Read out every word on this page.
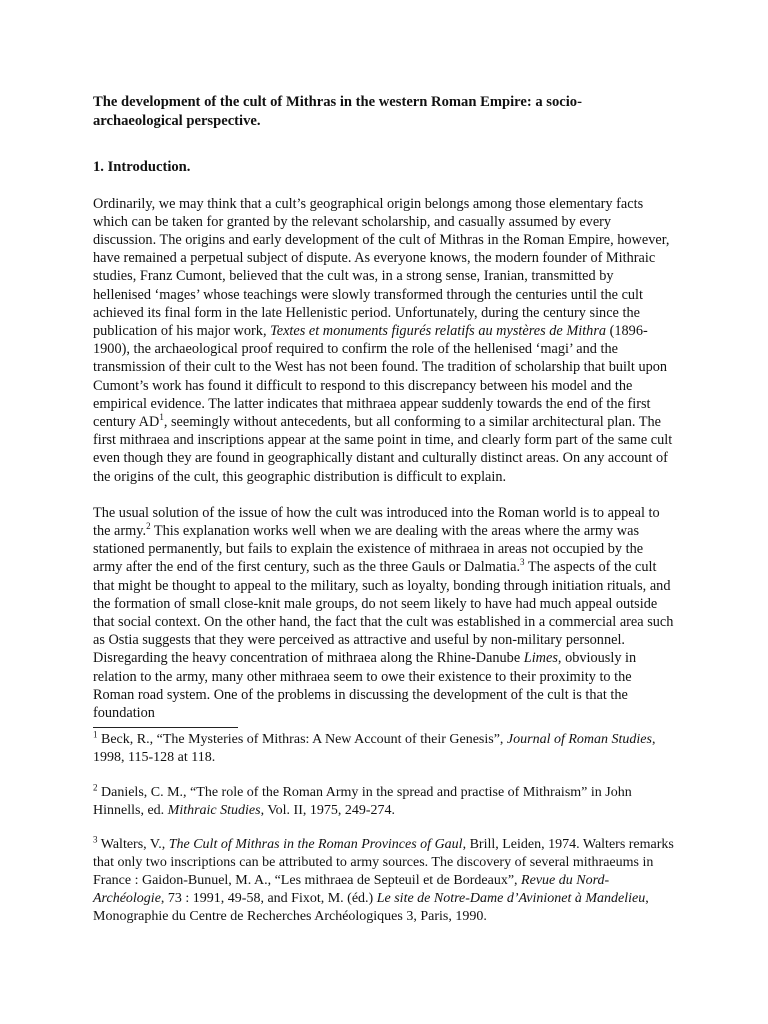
The development of the cult of Mithras in the western Roman Empire: a socio-archaeological perspective.
1. Introduction.

Ordinarily, we may think that a cult’s geographical origin belongs among those elementary facts which can be taken for granted by the relevant scholarship, and casually assumed by every discussion. The origins and early development of the cult of Mithras in the Roman Empire, however, have remained a perpetual subject of dispute. As everyone knows, the modern founder of Mithraic studies, Franz Cumont, believed that the cult was, in a strong sense, Iranian, transmitted by hellenised ‘mages’ whose teachings were slowly transformed through the centuries until the cult achieved its final form in the late Hellenistic period. Unfortunately, during the century since the publication of his major work, Textes et monuments figurés relatifs au mystères de Mithra (1896-1900), the archaeological proof required to confirm the role of the hellenised ‘magi’ and the transmission of their cult to the West has not been found. The tradition of scholarship that built upon Cumont’s work has found it difficult to respond to this discrepancy between his model and the empirical evidence. The latter indicates that mithraea appear suddenly towards the end of the first century $AD^1$, seemingly without antecedents, but all conforming to a similar architectural plan. The first mithraea and inscriptions appear at the same point in time, and clearly form part of the same cult even though they are found in geographically distant and culturally distinct areas. On any account of the origins of the cult, this geographic distribution is difficult to explain.

The usual solution of the issue of how the cult was introduced into the Roman world is to appeal to the army.$^2$ This explanation works well when we are dealing with the areas where the army was stationed permanently, but fails to explain the existence of mithraea in areas not occupied by the army after the end of the first century, such as the three Gauls or Dalmatia.$^3$ The aspects of the cult that might be thought to appeal to the military, such as loyalty, bonding through initiation rituals, and the formation of small close-knit male groups, do not seem likely to have had much appeal outside that social context. On the other hand, the fact that the cult was established in a commercial area such as Ostia suggests that they were perceived as attractive and useful by non-military personnel. Disregarding the heavy concentration of mithraea along the Rhine-Danube Limes, obviously in relation to the army, many other mithraea seem to owe their existence to their proximity to the Roman road system. One of the problems in discussing the development of the cult is that the foundation

$^1$ Beck, R., “The Mysteries of Mithras: A New Account of their Genesis”, Journal of Roman Studies, 1998, 115-128 at 118.

$^2$ Daniels, C. M., “The role of the Roman Army in the spread and practise of Mithraism” in John Hinnells, ed. Mithraic Studies, Vol. II, 1975, 249-274.

$^3$ Walters, V., The Cult of Mithras in the Roman Provinces of Gaul, Brill, Leiden, 1974. Walters remarks that only two inscriptions can be attributed to army sources. The discovery of several mithraeums in France : Gaidon-Bunuel, M. A., “Les mithraea de Septeuil et de Bordeaux”, Revue du Nord-Archéologie, 73 : 1991, 49-58, and Fixot, M. (éd.) Le site de Notre-Dame d’Avinionet à Mandelieu, Monographie du Centre de Recherches Archéologiques 3, Paris, 1990.
